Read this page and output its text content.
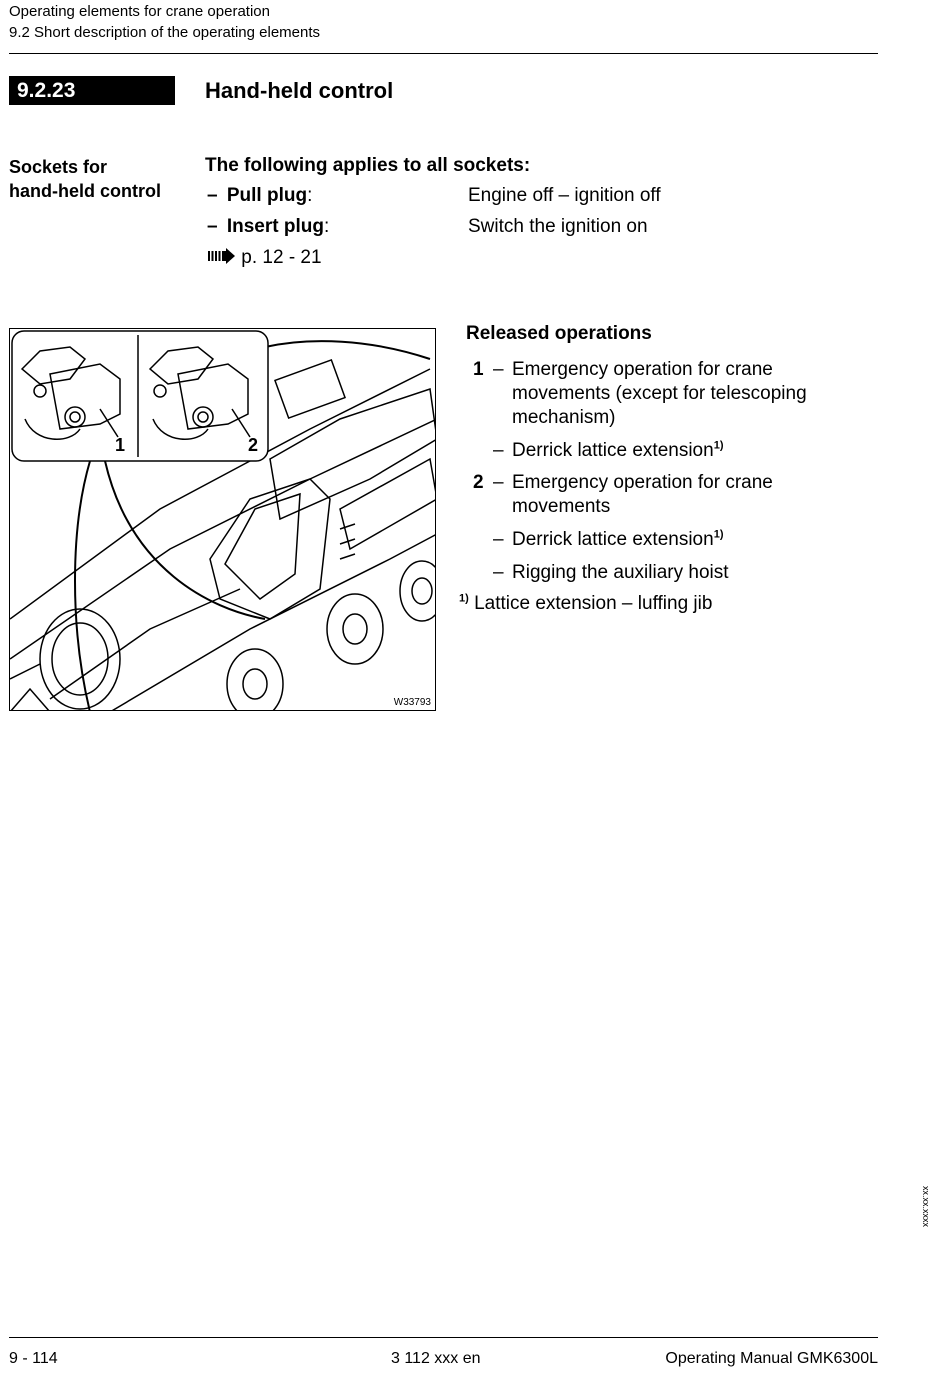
Operating elements for crane operation
9.2 Short description of the operating elements
9.2.23	Hand-held control
Sockets for
hand-held control
The following applies to all sockets:
– Pull plug:	Engine off – ignition off
– Insert plug:	Switch the ignition on
p. 12 - 21
1	2
W33793
Released operations
1 – Emergency operation for crane movements (except for telescoping mechanism)
– Derrick lattice extension$^{1)}$
2 – Emergency operation for crane movements
– Derrick lattice extension$^{1)}$
– Rigging the auxiliary hoist
$^{1)}$ Lattice extension – luffing jib
xx.xx.xxxx
9 - 114	3 112 xxx en	Operating Manual GMK6300L
